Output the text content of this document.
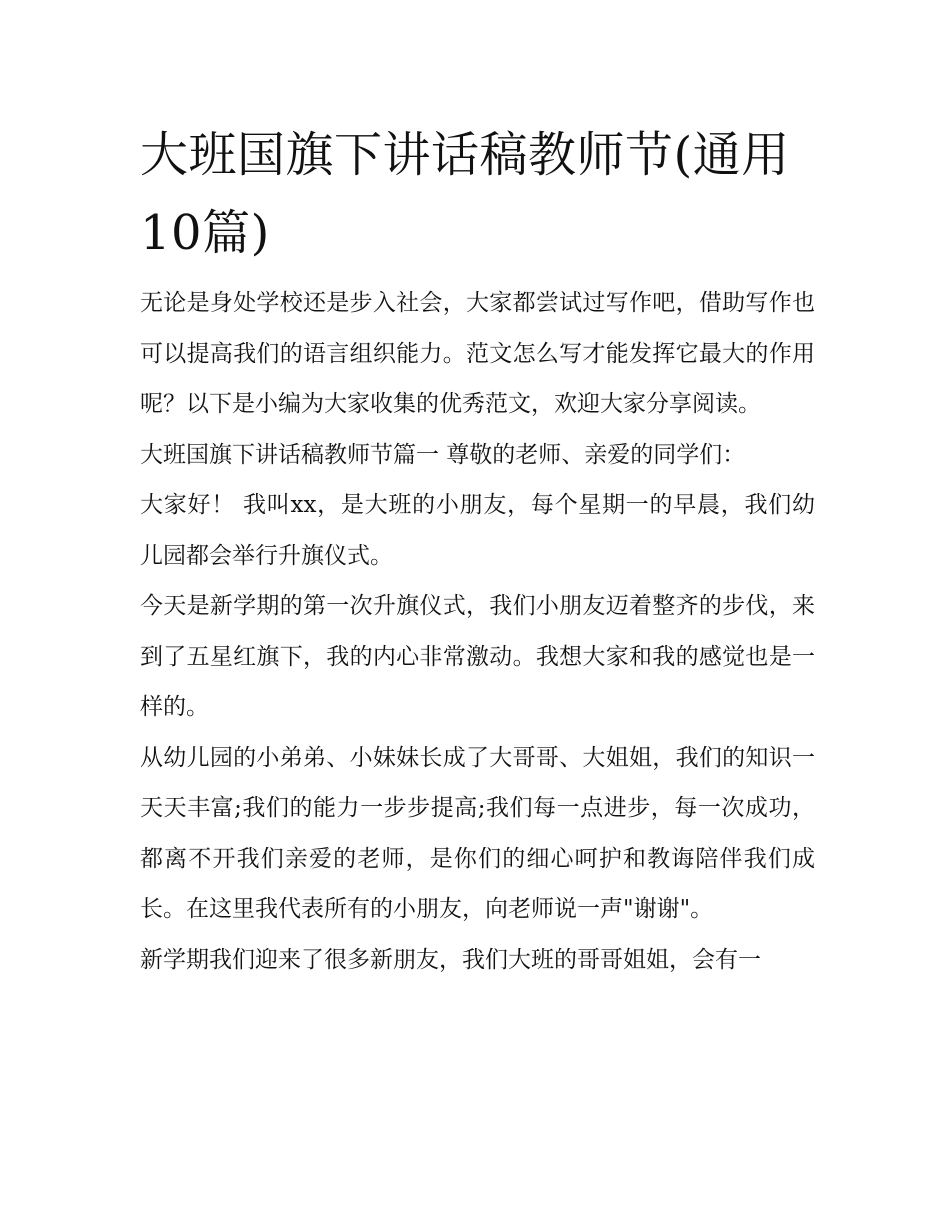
大班国旗下讲话稿教师节(通用10篇)

无论是身处学校还是步入社会，大家都尝试过写作吧，借助写作也可以提高我们的语言组织能力。范文怎么写才能发挥它最大的作用呢？以下是小编为大家收集的优秀范文，欢迎大家分享阅读。

大班国旗下讲话稿教师节篇一 尊敬的老师、亲爱的同学们：

大家好！ 我叫xx，是大班的小朋友，每个星期一的早晨，我们幼儿园都会举行升旗仪式。

今天是新学期的第一次升旗仪式，我们小朋友迈着整齐的步伐，来到了五星红旗下，我的内心非常激动。我想大家和我的感觉也是一样的。

从幼儿园的小弟弟、小妹妹长成了大哥哥、大姐姐，我们的知识一天天丰富;我们的能力一步步提高;我们每一点进步，每一次成功，都离不开我们亲爱的老师，是你们的细心呵护和教诲陪伴我们成长。在这里我代表所有的小朋友，向老师说一声"谢谢"。

新学期我们迎来了很多新朋友，我们大班的哥哥姐姐，会有一
